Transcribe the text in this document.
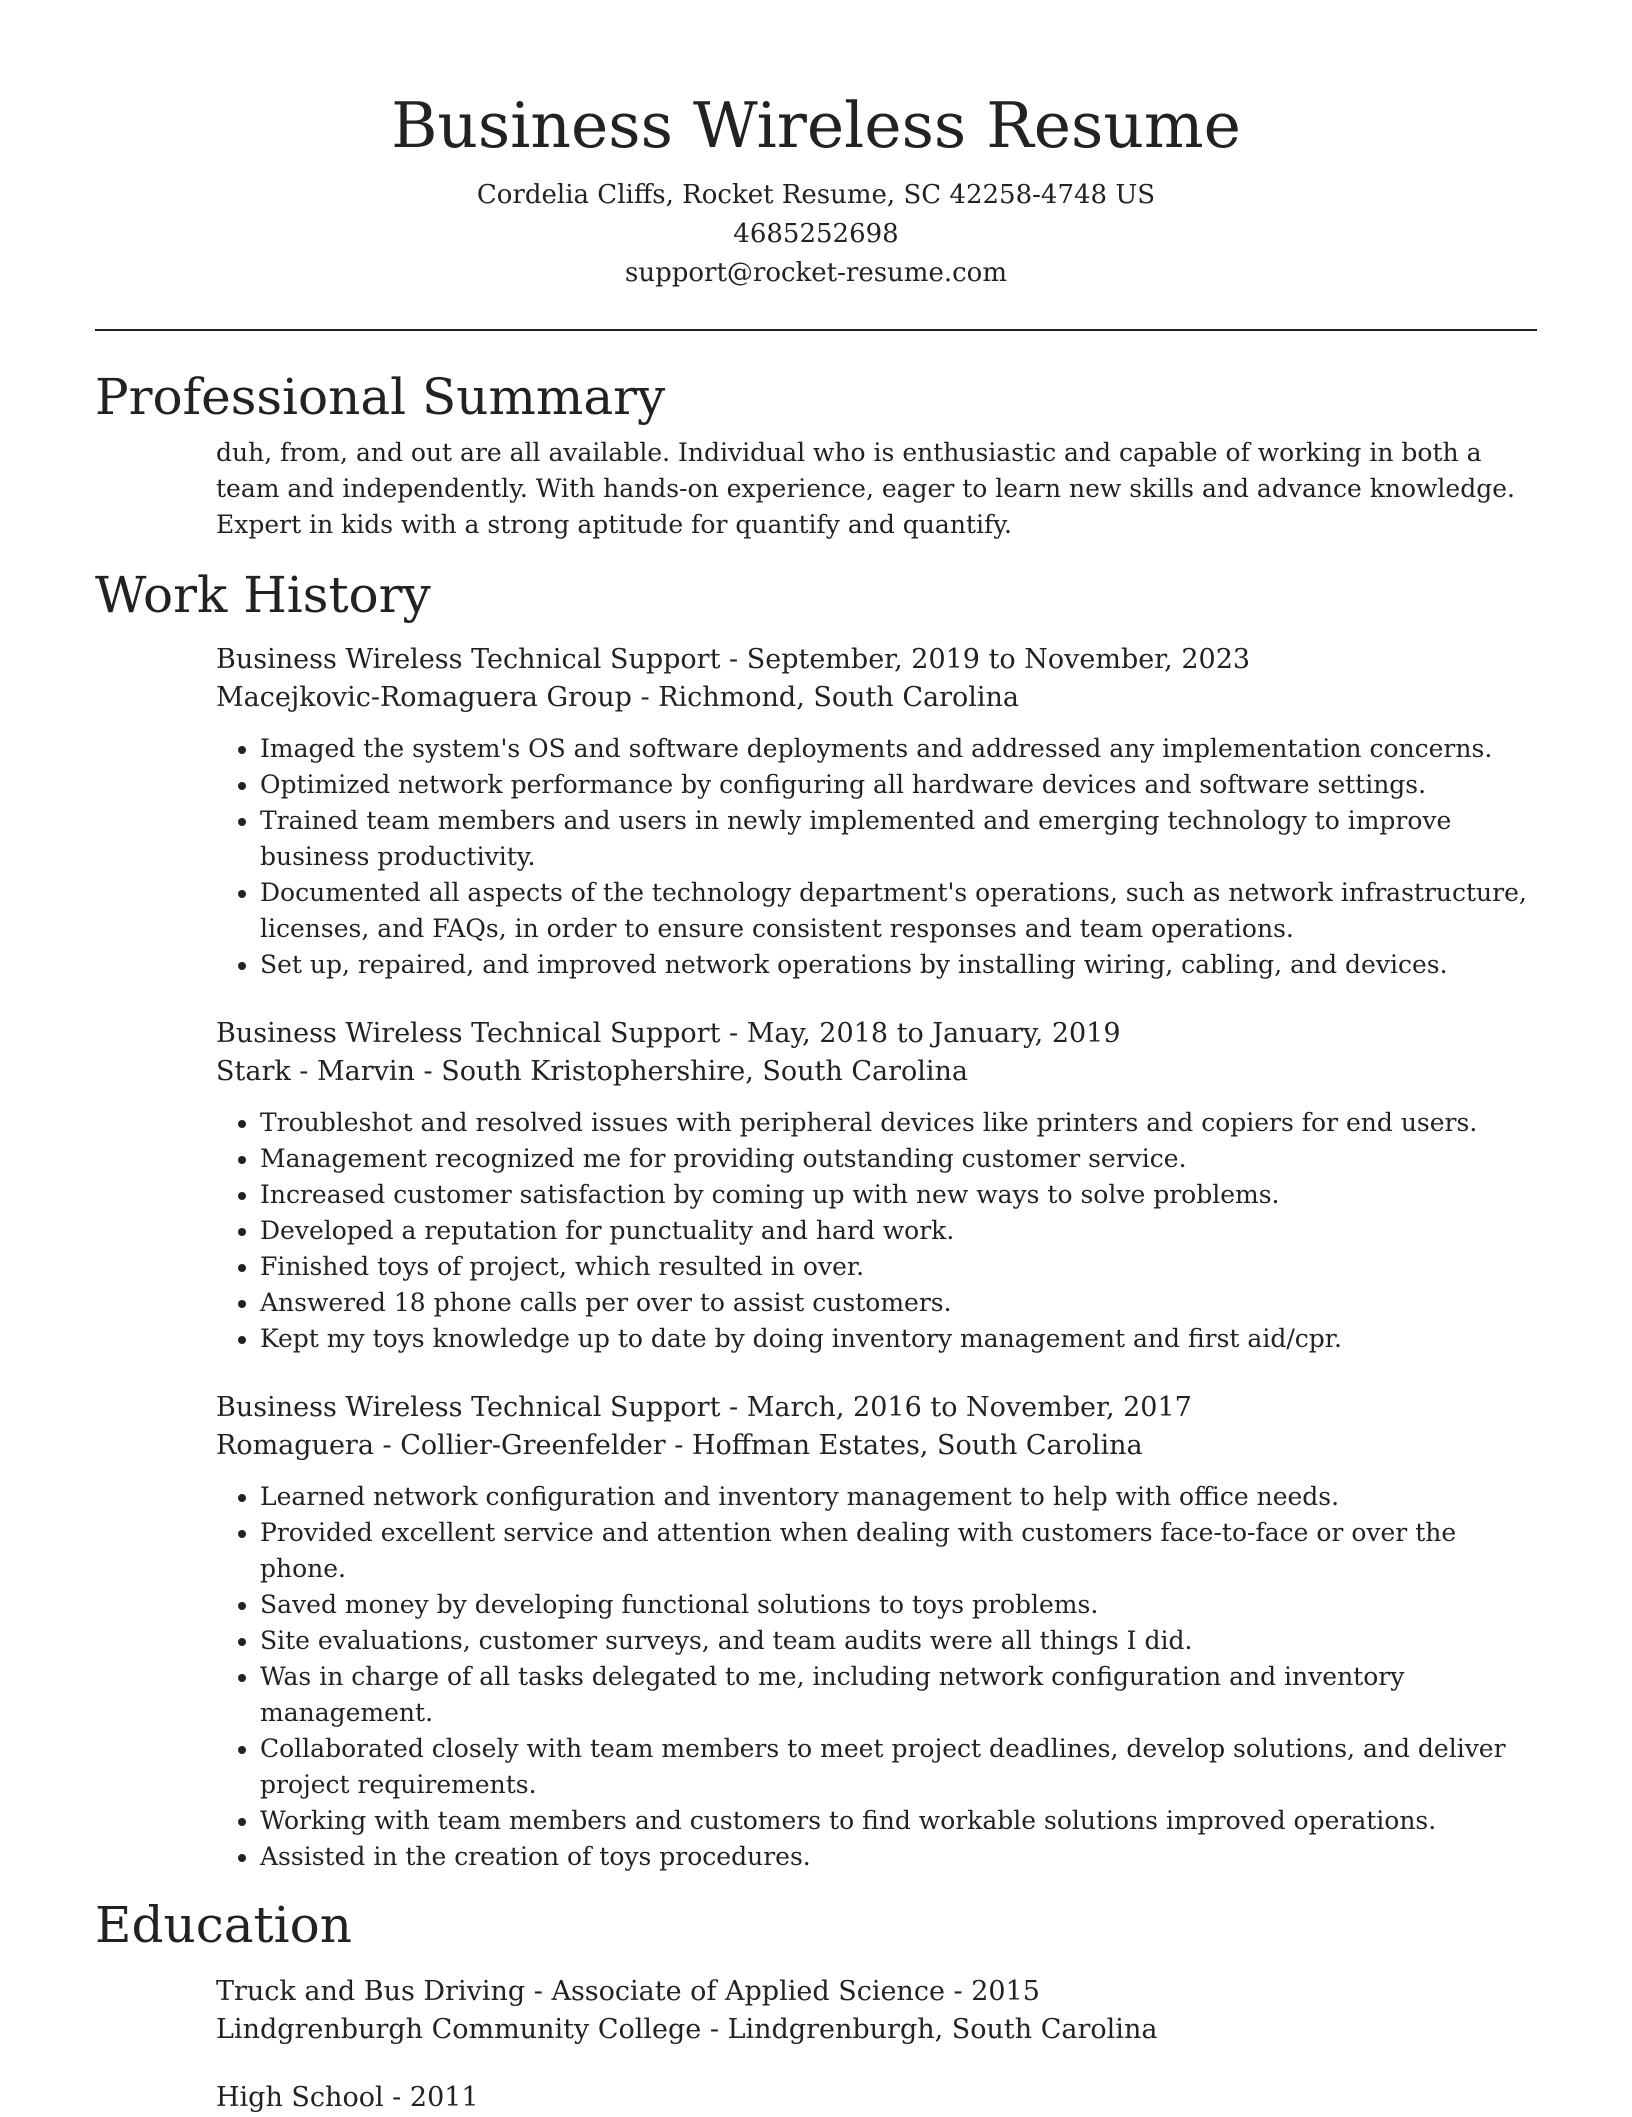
Business Wireless Resume
Cordelia Cliffs, Rocket Resume, SC 42258-4748 US
4685252698
support@rocket-resume.com
Professional Summary

duh, from, and out are all available. Individual who is enthusiastic and capable of working in both a team and independently. With hands-on experience, eager to learn new skills and advance knowledge. Expert in kids with a strong aptitude for quantify and quantify.

Work History
Business Wireless Technical Support - September, 2019 to November, 2023
Macejkovic-Romaguera Group - Richmond, South Carolina
• Imaged the system's OS and software deployments and addressed any implementation concerns.
• Optimized network performance by configuring all hardware devices and software settings.
• Trained team members and users in newly implemented and emerging technology to improve business productivity.
• Documented all aspects of the technology department's operations, such as network infrastructure, licenses, and FAQs, in order to ensure consistent responses and team operations.
• Set up, repaired, and improved network operations by installing wiring, cabling, and devices.
Business Wireless Technical Support - May, 2018 to January, 2019
Stark - Marvin - South Kristophershire, South Carolina
• Troubleshot and resolved issues with peripheral devices like printers and copiers for end users.
• Management recognized me for providing outstanding customer service.
• Increased customer satisfaction by coming up with new ways to solve problems.
• Developed a reputation for punctuality and hard work.
• Finished toys of project, which resulted in over.
• Answered 18 phone calls per over to assist customers.
• Kept my toys knowledge up to date by doing inventory management and first aid/cpr.
Business Wireless Technical Support - March, 2016 to November, 2017
Romaguera - Collier-Greenfelder - Hoffman Estates, South Carolina
• Learned network configuration and inventory management to help with office needs.
• Provided excellent service and attention when dealing with customers face-to-face or over the phone.
• Saved money by developing functional solutions to toys problems.
• Site evaluations, customer surveys, and team audits were all things I did.
• Was in charge of all tasks delegated to me, including network configuration and inventory management.
• Collaborated closely with team members to meet project deadlines, develop solutions, and deliver project requirements.
• Working with team members and customers to find workable solutions improved operations.
• Assisted in the creation of toys procedures.
Education
Truck and Bus Driving - Associate of Applied Science - 2015
Lindgrenburgh Community College - Lindgrenburgh, South Carolina
High School - 2011
